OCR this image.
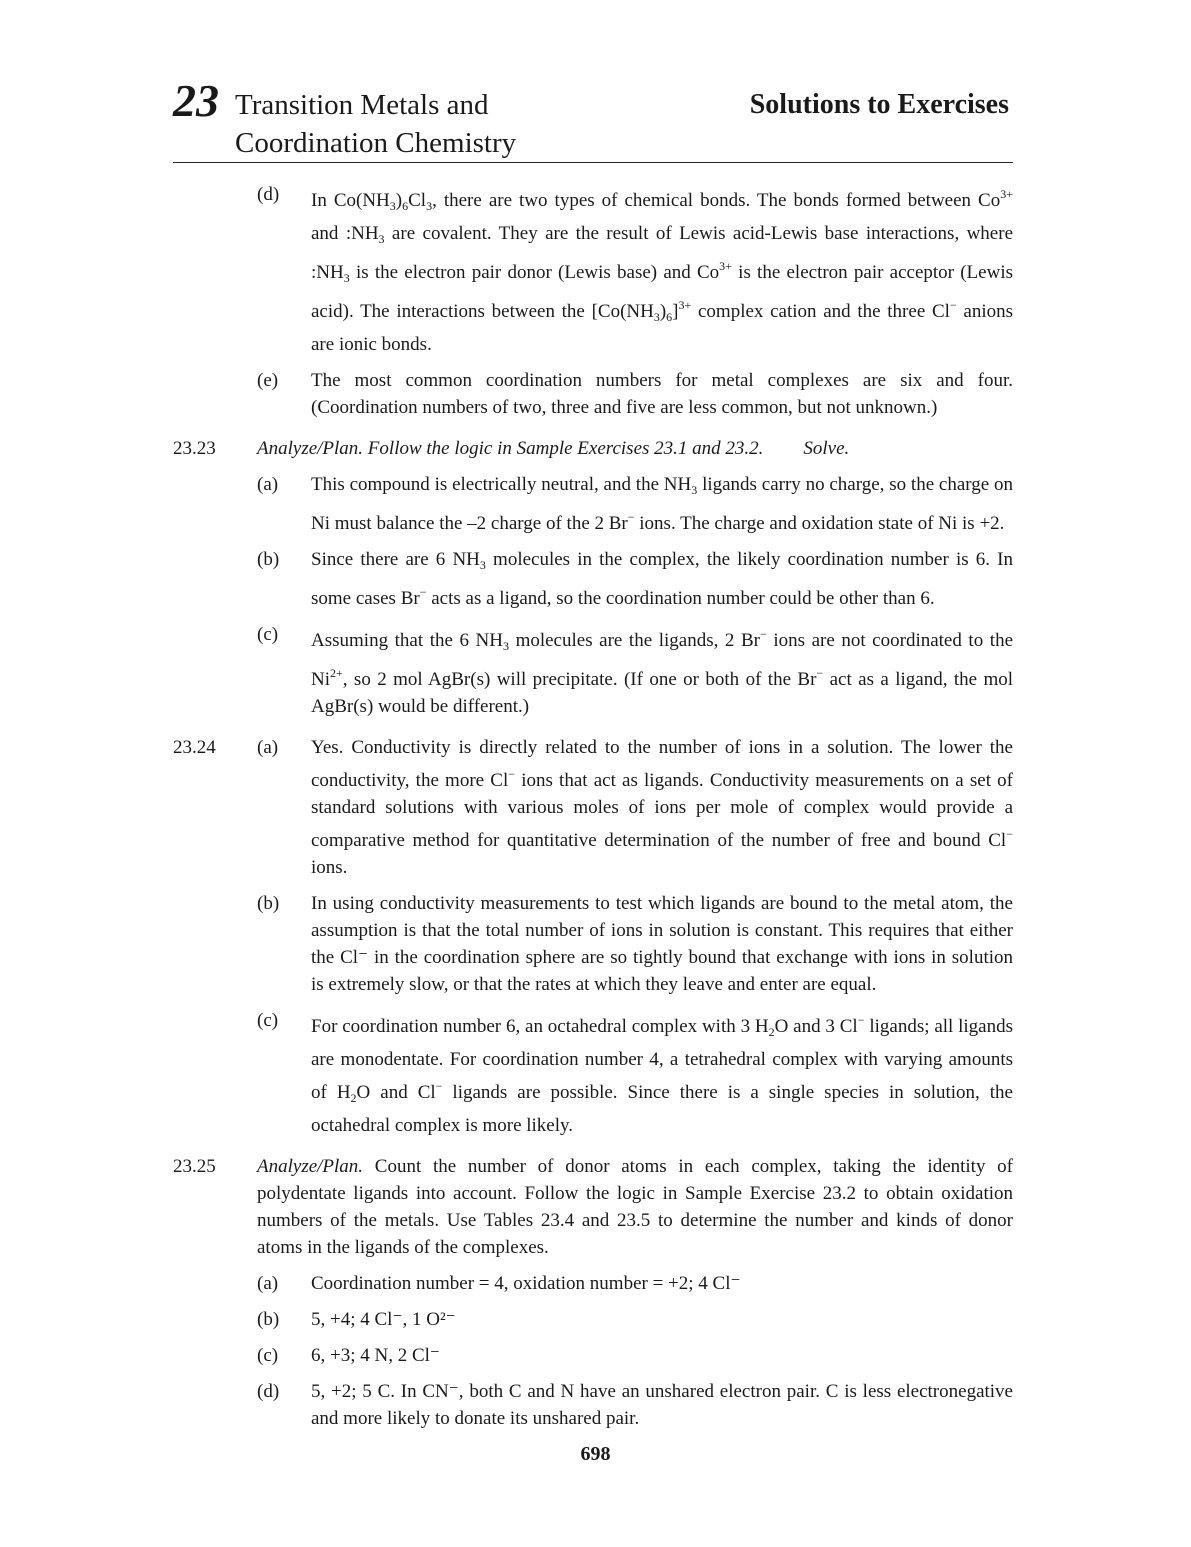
23 Transition Metals and
Coordination Chemistry
Solutions to Exercises
(d)	In $Co(NH_3)_6Cl_3$, there are two types of chemical bonds. The bonds formed between $Co^{3+}$ and $:NH_3$ are covalent. They are the result of Lewis acid-Lewis base interactions, where $:NH_3$ is the electron pair donor (Lewis base) and $Co^{3+}$ is the electron pair acceptor (Lewis acid). The interactions between the $[Co(NH_3)_6]^{3+}$ complex cation and the three Cl− anions are ionic bonds.
(e)	The most common coordination numbers for metal complexes are six and four. (Coordination numbers of two, three and five are less common, but not unknown.)
23.23	Analyze/Plan. Follow the logic in Sample Exercises 23.1 and 23.2. Solve.
(a)	This compound is electrically neutral, and the $NH_3$ ligands carry no charge, so the charge on Ni must balance the –2 charge of the 2 Br− ions. The charge and oxidation state of Ni is +2.
(b)	Since there are 6 $NH_3$ molecules in the complex, the likely coordination number is 6. In some cases Br− acts as a ligand, so the coordination number could be other than 6.
(c)	Assuming that the 6 $NH_3$ molecules are the ligands, 2 Br− ions are not coordinated to the $Ni^{2+}$, so 2 mol AgBr(s) will precipitate. (If one or both of the Br− act as a ligand, the mol AgBr(s) would be different.)
23.24	(a)	Yes. Conductivity is directly related to the number of ions in a solution. The lower the conductivity, the more Cl− ions that act as ligands. Conductivity measurements on a set of standard solutions with various moles of ions per mole of complex would provide a comparative method for quantitative determination of the number of free and bound Cl− ions.
(b)	In using conductivity measurements to test which ligands are bound to the metal atom, the assumption is that the total number of ions in solution is constant. This requires that either the Cl⁻ in the coordination sphere are so tightly bound that exchange with ions in solution is extremely slow, or that the rates at which they leave and enter are equal.
(c)	For coordination number 6, an octahedral complex with 3 $H_2O$ and 3 Cl− ligands; all ligands are monodentate. For coordination number 4, a tetrahedral complex with varying amounts of $H_2O$ and Cl− ligands are possible. Since there is a single species in solution, the octahedral complex is more likely.
23.25	Analyze/Plan. Count the number of donor atoms in each complex, taking the identity of polydentate ligands into account. Follow the logic in Sample Exercise 23.2 to obtain oxidation numbers of the metals. Use Tables 23.4 and 23.5 to determine the number and kinds of donor atoms in the ligands of the complexes.
(a)	Coordination number = 4, oxidation number = +2; 4 Cl⁻
(b)	5, +4; 4 Cl⁻, 1 O²⁻
(c)	6, +3; 4 N, 2 Cl⁻
(d)	5, +2; 5 C. In CN⁻, both C and N have an unshared electron pair. C is less electronegative and more likely to donate its unshared pair.
698
